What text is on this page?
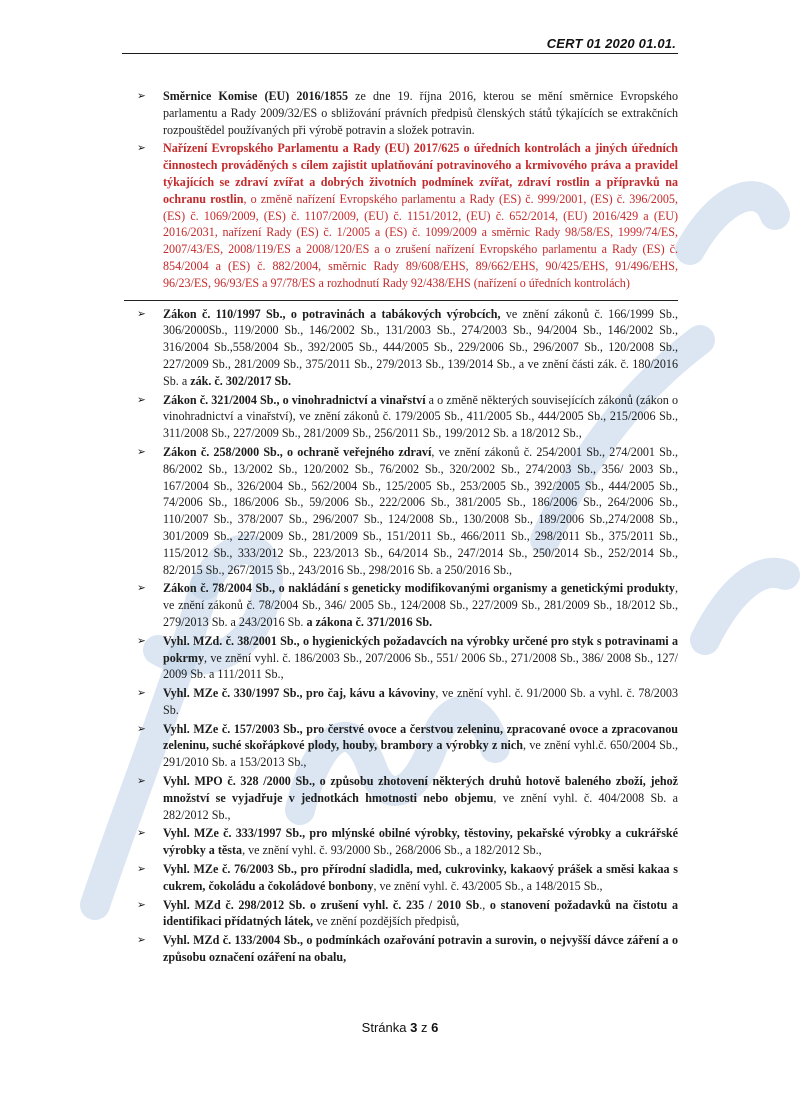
CERT 01 2020 01.01.
➢ Směrnice Komise (EU) 2016/1855 ze dne 19. října 2016, kterou se mění směrnice Evropského parlamentu a Rady 2009/32/ES o sbližování právních předpisů členských států týkajících se extrakčních rozpouštědel používaných při výrobě potravin a složek potravin.
➢ Nařízení Evropského Parlamentu a Rady (EU) 2017/625 o úředních kontrolách a jiných úředních činnostech prováděných s cílem zajistit uplatňování potravinového a krmivového práva a pravidel týkajících se zdraví zvířat a dobrých životních podmínek zvířat, zdraví rostlin a přípravků na ochranu rostlin, o změně nařízení Evropského parlamentu a Rady (ES) č. 999/2001, (ES) č. 396/2005, (ES) č. 1069/2009, (ES) č. 1107/2009, (EU) č. 1151/2012, (EU) č. 652/2014, (EU) 2016/429 a (EU) 2016/2031, nařízení Rady (ES) č. 1/2005 a (ES) č. 1099/2009 a směrnic Rady 98/58/ES, 1999/74/ES, 2007/43/ES, 2008/119/ES a 2008/120/ES a o zrušení nařízení Evropského parlamentu a Rady (ES) č. 854/2004 a (ES) č. 882/2004, směrnic Rady 89/608/EHS, 89/662/EHS, 90/425/EHS, 91/496/EHS, 96/23/ES, 96/93/ES a 97/78/ES a rozhodnutí Rady 92/438/EHS (nařízení o úředních kontrolách)
➢ Zákon č. 110/1997 Sb., o potravinách a tabákových výrobcích, ve znění zákonů č. 166/1999 Sb., 306/2000Sb., 119/2000 Sb., 146/2002 Sb., 131/2003 Sb., 274/2003 Sb., 94/2004 Sb., 146/2002 Sb., 316/2004 Sb.,558/2004 Sb., 392/2005 Sb., 444/2005 Sb., 229/2006 Sb., 296/2007 Sb., 120/2008 Sb., 227/2009 Sb., 281/2009 Sb., 375/2011 Sb., 279/2013 Sb., 139/2014 Sb., a ve znění části zák. č. 180/2016 Sb. a zák. č. 302/2017 Sb.
➢ Zákon č. 321/2004 Sb., o vinohradnictví a vinařství a o změně některých souvisejících zákonů (zákon o vinohradnictví a vinařství), ve znění zákonů č. 179/2005 Sb., 411/2005 Sb., 444/2005 Sb., 215/2006 Sb., 311/2008 Sb., 227/2009 Sb., 281/2009 Sb., 256/2011 Sb., 199/2012 Sb. a 18/2012 Sb.,
➢ Zákon č. 258/2000 Sb., o ochraně veřejného zdraví, ve znění zákonů č. 254/2001 Sb., 274/2001 Sb., 86/2002 Sb., 13/2002 Sb., 120/2002 Sb., 76/2002 Sb., 320/2002 Sb., 274/2003 Sb., 356/ 2003 Sb., 167/2004 Sb., 326/2004 Sb., 562/2004 Sb., 125/2005 Sb., 253/2005 Sb., 392/2005 Sb., 444/2005 Sb., 74/2006 Sb., 186/2006 Sb., 59/2006 Sb., 222/2006 Sb., 381/2005 Sb., 186/2006 Sb., 264/2006 Sb., 110/2007 Sb., 378/2007 Sb., 296/2007 Sb., 124/2008 Sb., 130/2008 Sb., 189/2006 Sb.,274/2008 Sb., 301/2009 Sb., 227/2009 Sb., 281/2009 Sb., 151/2011 Sb., 466/2011 Sb., 298/2011 Sb., 375/2011 Sb., 115/2012 Sb., 333/2012 Sb., 223/2013 Sb., 64/2014 Sb., 247/2014 Sb., 250/2014 Sb., 252/2014 Sb., 82/2015 Sb., 267/2015 Sb., 243/2016 Sb., 298/2016 Sb. a 250/2016 Sb.,
➢ Zákon č. 78/2004 Sb., o nakládání s geneticky modifikovanými organismy a genetickými produkty, ve znění zákonů č. 78/2004 Sb., 346/ 2005 Sb., 124/2008 Sb., 227/2009 Sb., 281/2009 Sb., 18/2012 Sb., 279/2013 Sb. a 243/2016 Sb. a zákona č. 371/2016 Sb.
➢ Vyhl. MZd. č. 38/2001 Sb., o hygienických požadavcích na výrobky určené pro styk s potravinami a pokrmy, ve znění vyhl. č. 186/2003 Sb., 207/2006 Sb., 551/ 2006 Sb., 271/2008 Sb., 386/ 2008 Sb., 127/ 2009 Sb. a 111/2011 Sb.,
➢ Vyhl. MZe č. 330/1997 Sb., pro čaj, kávu a kávoviny, ve znění vyhl. č. 91/2000 Sb. a vyhl. č. 78/2003 Sb.
➢ Vyhl. MZe č. 157/2003 Sb., pro čerstvé ovoce a čerstvou zeleninu, zpracované ovoce a zpracovanou zeleninu, suché skořápkové plody, houby, brambory a výrobky z nich, ve znění vyhl.č. 650/2004 Sb., 291/2010 Sb. a 153/2013 Sb.,
➢ Vyhl. MPO č. 328 /2000 Sb., o způsobu zhotovení některých druhů hotově baleného zboží, jehož množství se vyjadřuje v jednotkách hmotnosti nebo objemu, ve znění vyhl. č. 404/2008 Sb. a 282/2012 Sb.,
➢ Vyhl. MZe č. 333/1997 Sb., pro mlýnské obilné výrobky, těstoviny, pekařské výrobky a cukrářské výrobky a těsta, ve znění vyhl. č. 93/2000 Sb., 268/2006 Sb., a 182/2012 Sb.,
➢ Vyhl. MZe č. 76/2003 Sb., pro přírodní sladidla, med, cukrovinky, kakaový prášek a směsi kakaa s cukrem, čokoládu a čokoládové bonbony, ve znění vyhl. č. 43/2005 Sb., a 148/2015 Sb.,
➢ Vyhl. MZd č. 298/2012 Sb. o zrušení vyhl. č. 235 / 2010 Sb., o stanovení požadavků na čistotu a identifikaci přídatných látek, ve znění pozdějších předpisů,
➢ Vyhl. MZd č. 133/2004 Sb., o podmínkách ozařování potravin a surovin, o nejvyšší dávce záření a o způsobu označení ozáření na obalu,
Stránka 3 z 6
